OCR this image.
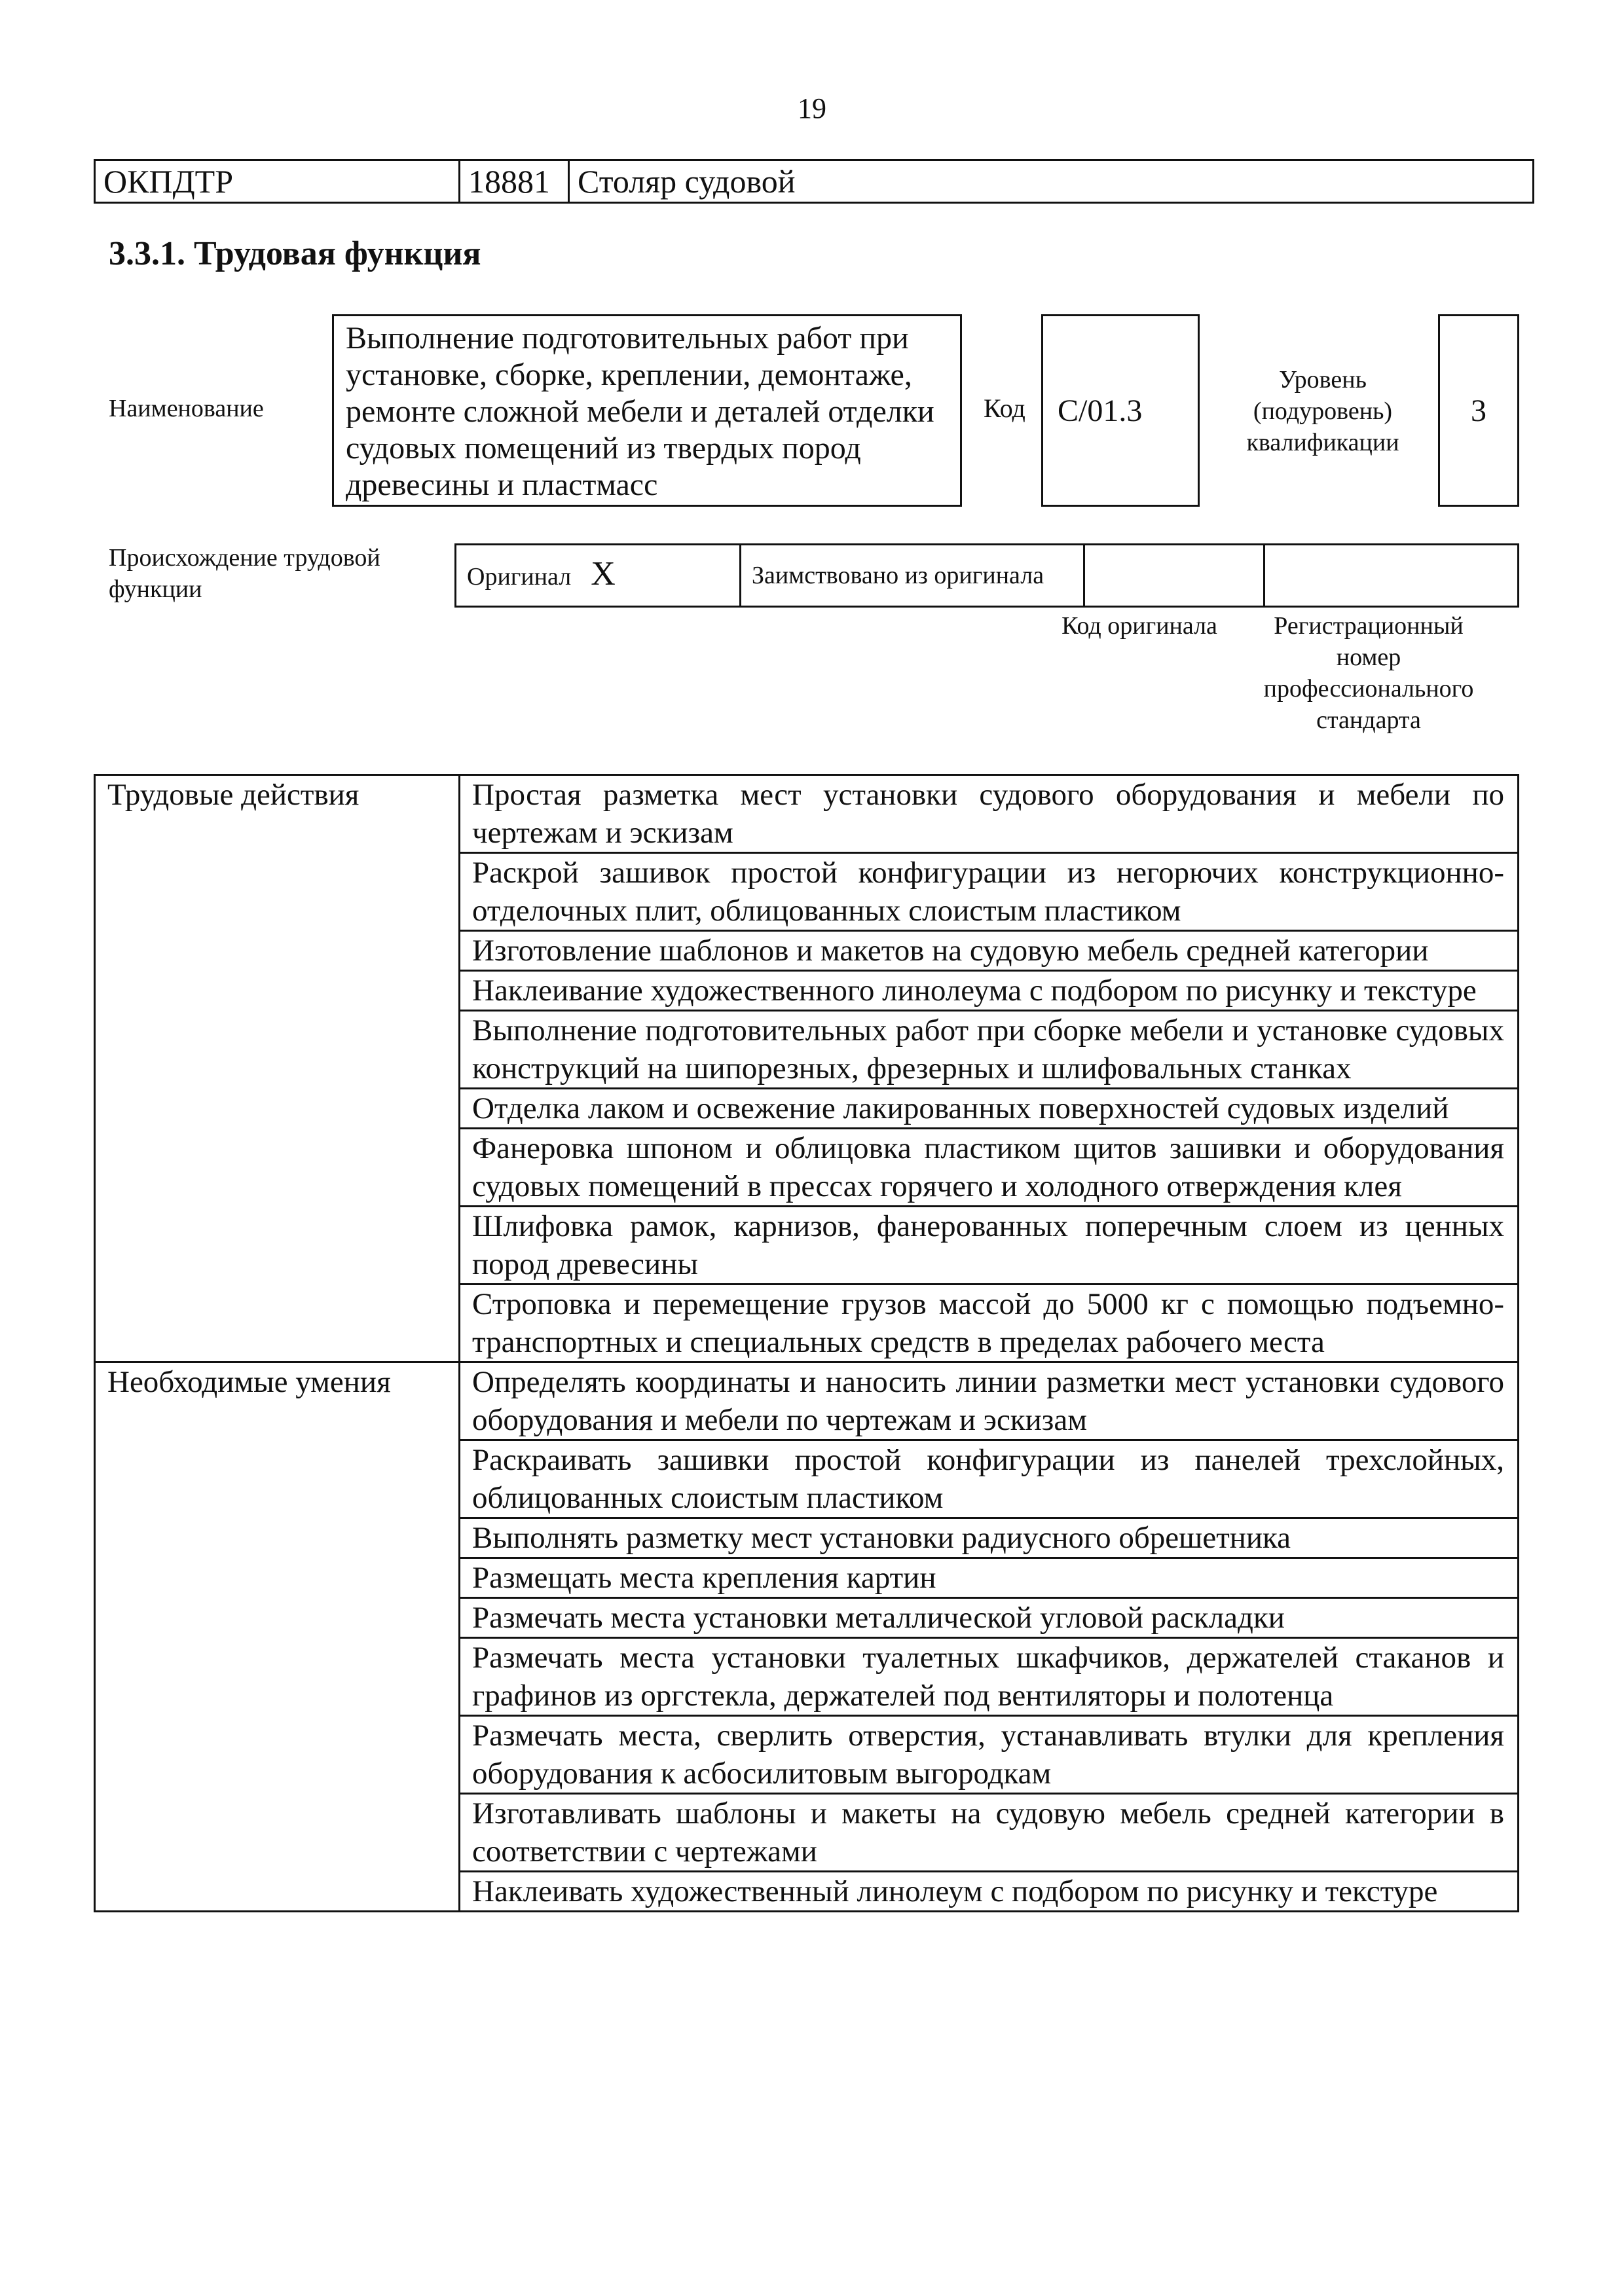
19
ОКПДТР	18881	Столяр судовой
3.3.1. Трудовая функция
Наименование
Выполнение подготовительных работ при установке, сборке, креплении, демонтаже, ремонте сложной мебели и деталей отделки судовых помещений из твердых пород древесины и пластмасс
Код	С/01.3
Уровень (подуровень) квалификации
3
Происхождение трудовой функции	Оригинал X	Заимствовано из оригинала		
Код оригинала	Регистрационный номер профессионального стандарта
Трудовые действия	Простая разметка мест установки судового оборудования и мебели по чертежам и эскизам
	Раскрой зашивок простой конфигурации из негорючих конструкционно-отделочных плит, облицованных слоистым пластиком
	Изготовление шаблонов и макетов на судовую мебель средней категории
	Наклеивание художественного линолеума с подбором по рисунку и текстуре
	Выполнение подготовительных работ при сборке мебели и установке судовых конструкций на шипорезных, фрезерных и шлифовальных станках
	Отделка лаком и освежение лакированных поверхностей судовых изделий
	Фанеровка шпоном и облицовка пластиком щитов зашивки и оборудования судовых помещений в прессах горячего и холодного отверждения клея
	Шлифовка рамок, карнизов, фанерованных поперечным слоем из ценных пород древесины
	Строповка и перемещение грузов массой до 5000 кг с помощью подъемно-транспортных и специальных средств в пределах рабочего места
Необходимые умения	Определять координаты и наносить линии разметки мест установки судового оборудования и мебели по чертежам и эскизам
	Раскраивать зашивки простой конфигурации из панелей трехслойных, облицованных слоистым пластиком
	Выполнять разметку мест установки радиусного обрешетника
	Размещать места крепления картин
	Размечать места установки металлической угловой раскладки
	Размечать места установки туалетных шкафчиков, держателей стаканов и графинов из оргстекла, держателей под вентиляторы и полотенца
	Размечать места, сверлить отверстия, устанавливать втулки для крепления оборудования к асбосилитовым выгородкам
	Изготавливать шаблоны и макеты на судовую мебель средней категории в соответствии с чертежами
	Наклеивать художественный линолеум с подбором по рисунку и текстуре
